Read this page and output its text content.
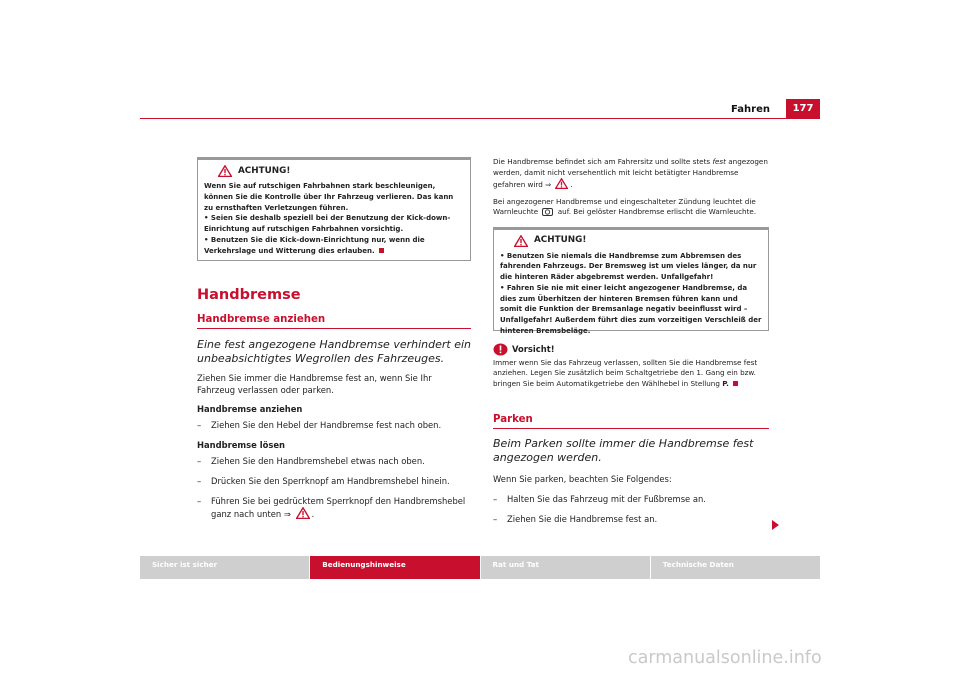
Fahren	177
ACHTUNG!

Wenn Sie auf rutschigen Fahrbahnen stark beschleunigen, können Sie die Kontrolle über Ihr Fahrzeug verlieren. Das kann zu ernsthaften Verletzungen führen.

• Seien Sie deshalb speziell bei der Benutzung der Kick-down-Einrichtung auf rutschigen Fahrbahnen vorsichtig.
• Benutzen Sie die Kick-down-Einrichtung nur, wenn die Verkehrslage und Witterung dies erlauben.
Handbremse
Handbremse anziehen

Eine fest angezogene Handbremse verhindert ein unbeabsichtigtes Wegrollen des Fahrzeuges.

Ziehen Sie immer die Handbremse fest an, wenn Sie Ihr Fahrzeug verlassen oder parken.

Handbremse anziehen

– Ziehen Sie den Hebel der Handbremse fest nach oben.

Handbremse lösen

– Ziehen Sie den Handbremshebel etwas nach oben.

– Drücken Sie den Sperrknopf am Handbremshebel hinein.

– Führen Sie bei gedrücktem Sperrknopf den Handbremshebel ganz nach unten ⇒ .

Die Handbremse befindet sich am Fahrersitz und sollte stets fest angezogen werden, damit nicht versehentlich mit leicht betätigter Handbremse gefahren wird ⇒	.

Bei angezogener Handbremse und eingeschalteter Zündung leuchtet die Warnleuchte	auf. Bei gelöster Handbremse erlischt die Warnleuchte.

ACHTUNG!
• Benutzen Sie niemals die Handbremse zum Abbremsen des fahrenden Fahrzeugs. Der Bremsweg ist um vieles länger, da nur die hinteren Räder abgebremst werden. Unfallgefahr!
• Fahren Sie nie mit einer leicht angezogener Handbremse, da dies zum Überhitzen der hinteren Bremsen führen kann und somit die Funktion der Bremsanlage negativ beeinflusst wird – Unfallgefahr! Außerdem führt dies zum vorzeitigen Verschleiß der hinteren Bremsbeläge.
Vorsicht!

Immer wenn Sie das Fahrzeug verlassen, sollten Sie die Handbremse fest anziehen. Legen Sie zusätzlich beim Schaltgetriebe den 1. Gang ein bzw. bringen Sie beim Automatikgetriebe den Wählhebel in Stellung P.

Parken

Beim Parken sollte immer die Handbremse fest angezogen werden.

Wenn Sie parken, beachten Sie Folgendes:

– Halten Sie das Fahrzeug mit der Fußbremse an.

– Ziehen Sie die Handbremse fest an.

Sicher ist sicher	Bedienungshinweise	Rat und Tat	Technische Daten
carmanualsonline.info
